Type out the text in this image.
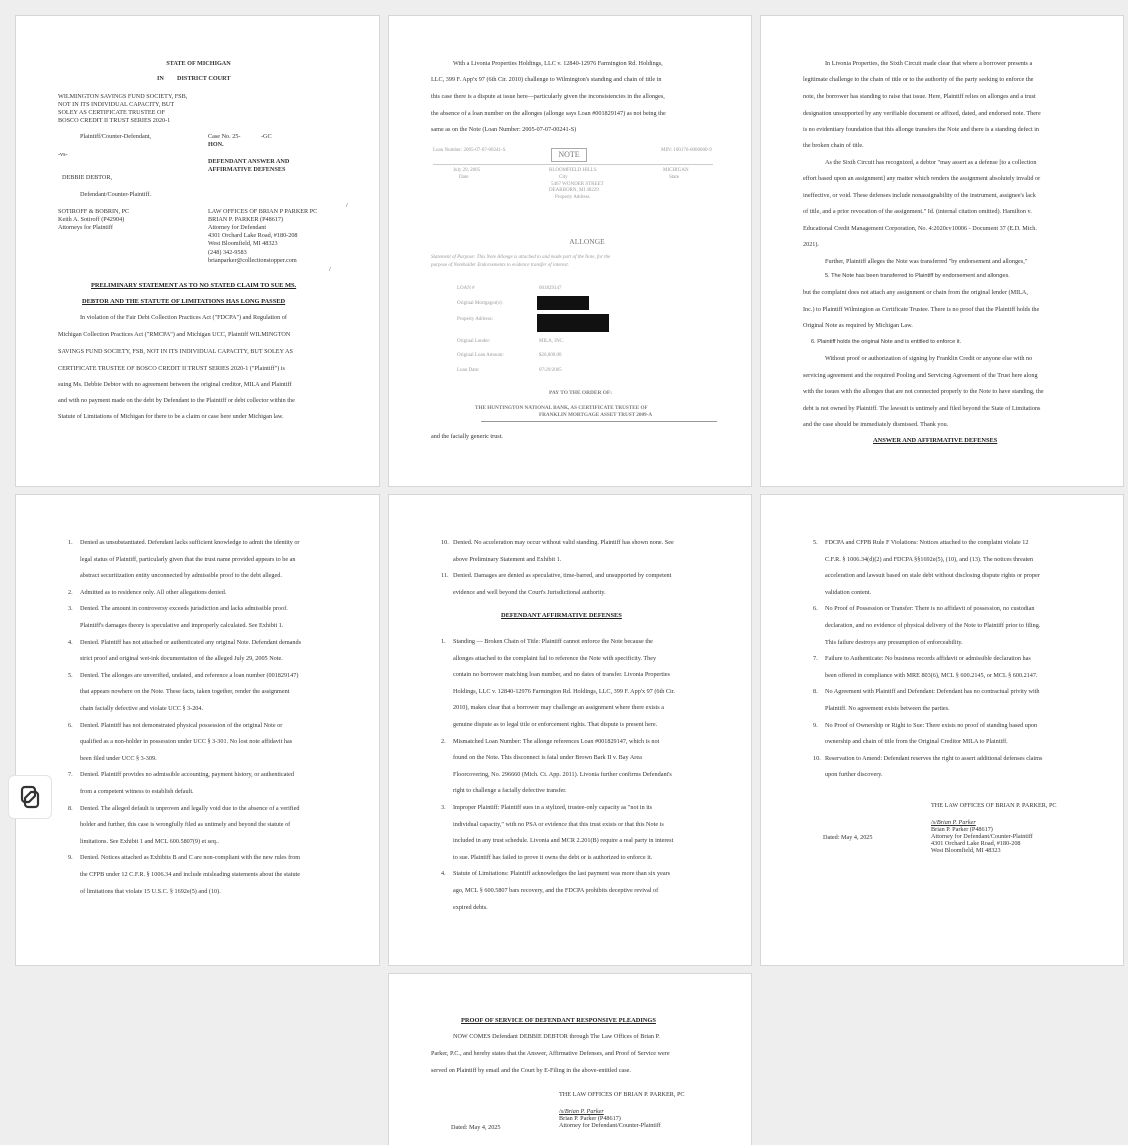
STATE OF MICHIGAN
IN DISTRICT COURT
WILMINGTON SAVINGS FUND SOCIETY, FSB,
NOT IN ITS INDIVIDUAL CAPACITY, BUT
SOLEY AS CERTIFICATE TRUSTEE OF
BOSCO CREDIT II TRUST SERIES 2020-1
Plaintiff/Counter-Defendant,	Case No. 25-	-GC
HON.
-vs-
DEFENDANT ANSWER AND
AFFIRMATIVE DEFENSES
DEBBIE DEBTOR,
Defendant/Counter-Plaintiff.
SOTIROFF & BOBRIN, PC
Keith A. Sotiroff (P42904)
Attorneys for Plaintiff
LAW OFFICES OF BRIAN P PARKER PC
BRIAN P. PARKER (P48617)
Attorney for Defendant
4301 Orchard Lake Road, #180-208
West Bloomfield, MI 48323
(248) 342-9583
brianparker@collectionstopper.com
/
/
PRELIMINARY STATEMENT AS TO NO STATED CLAIM TO SUE MS.
DEBTOR AND THE STATUTE OF LIMITATIONS HAS LONG PASSED
In violation of the Fair Debt Collection Practices Act ("FDCPA") and Regulation of
Michigan Collection Practices Act ("RMCPA") and Michigan UCC, Plaintiff WILMINGTON
SAVINGS FUND SOCIETY, FSB, NOT IN ITS INDIVIDUAL CAPACITY, BUT SOLEY AS
CERTIFICATE TRUSTEE OF BOSCO CREDIT II TRUST SERIES 2020-1 ("Plaintiff") is
suing Ms. Debbie Debtor with no agreement between the original creditor, MILA and Plaintiff
and with no payment made on the debt by Defendant to the Plaintiff or debt collector within the
Statute of Limitations of Michigan for there to be a claim or case here under Michigan law.
With a Livonia Properties Holdings, LLC v. 12840-12976 Farmington Rd. Holdings,
LLC, 399 F. App'x 97 (6th Cir. 2010) challenge to Wilmington's standing and chain of title in
this case there is a dispute at issue here—particularly given the inconsistencies in the allonges,
the absence of a loan number on the allonges (allonge says Loan #001829147) as not being the
same as on the Note (Loan Number: 2005-07-07-00241-S)
Loan Number: 2005-07-07-00241-S	NOTE	MIN: 100176-0000000-9
July 29, 2005	BLOOMFIELD HILLS	MICHIGAN
Date	City	State
5467 WONDER STREET
DEARBORN, MI 48229
Property Address
ALLONGE
Statement of Purpose: This Note Allonge is attached to and made part of the Note, for the
purpose of Noteholder Endorsements to evidence transfer of interest.
LOAN #	001829147
Original Mortgagor(s):
Property Address:
Original Lender:	MILA, INC.
Original Loan Amount:	$26,000.00
Loan Date:	07/29/2005
PAY TO THE ORDER OF:
THE HUNTINGTON NATIONAL BANK, AS CERTIFICATE TRUSTEE OF
FRANKLIN MORTGAGE ASSET TRUST 2009-A
and the facially generic trust.
In Livonia Properties, the Sixth Circuit made clear that where a borrower presents a
legitimate challenge to the chain of title or to the authority of the party seeking to enforce the
note, the borrower has standing to raise that issue. Here, Plaintiff relies on allonges and a trust
designation unsupported by any verifiable document or affixed, dated, and endorsed note. There
is no evidentiary foundation that this allonge transfers the Note and there is a standing defect in
the broken chain of title.
As the Sixth Circuit has recognized, a debtor "may assert as a defense [to a collection
effort based upon an assignment] any matter which renders the assignment absolutely invalid or
ineffective, or void. These defenses include nonassignability of the instrument, assignee's lack
of title, and a prior revocation of the assignment." Id. (internal citation omitted). Hamilton v.
Educational Credit Management Corporation, No. 4:2020cv10006 - Document 37 (E.D. Mich.
2021).
Further, Plaintiff alleges the Note was transferred "by endorsement and allonges,"
5. The Note has been transferred to Plaintiff by endorsement and allonges.
but the complaint does not attach any assignment or chain from the original lender (MILA,
Inc.) to Plaintiff Wilmington as Certificate Trustee. There is no proof that the Plaintiff holds the
Original Note as required by Michigan Law.
6. Plaintiff holds the original Note and is entitled to enforce it.
Without proof or authorization of signing by Franklin Credit or anyone else with no
servicing agreement and the required Pooling and Servicing Agreement of the Trust here along
with the issues with the allonges that are not connected properly to the Note to have standing, the
debt is not owned by Plaintiff. The lawsuit is untimely and filed beyond the State of Limitations
and the case should be immediately dismissed. Thank you.
ANSWER AND AFFIRMATIVE DEFENSES
1. Denied as unsubstantiated. Defendant lacks sufficient knowledge to admit the identity or
legal status of Plaintiff, particularly given that the trust name provided appears to be an
abstract securitization entity unconnected by admissible proof to the debt alleged.
2. Admitted as to residence only. All other allegations denied.
3. Denied. The amount in controversy exceeds jurisdiction and lacks admissible proof.
Plaintiff's damages theory is speculative and improperly calculated. See Exhibit 1.
4. Denied. Plaintiff has not attached or authenticated any original Note. Defendant demands
strict proof and original wet-ink documentation of the alleged July 29, 2005 Note.
5. Denied. The allonges are unverified, undated, and reference a loan number (001829147)
that appears nowhere on the Note. These facts, taken together, render the assignment
chain facially defective and violate UCC § 3-204.
6. Denied. Plaintiff has not demonstrated physical possession of the original Note or
qualified as a non-holder in possession under UCC § 3-301. No lost note affidavit has
been filed under UCC § 3-309.
7. Denied. Plaintiff provides no admissible accounting, payment history, or authenticated
from a competent witness to establish default.
8. Denied. The alleged default is unproven and legally void due to the absence of a verified
holder and further, this case is wrongfully filed as untimely and beyond the statute of
limitations. See Exhibit 1 and MCL 600.5807(9) et seq..
9. Denied. Notices attached as Exhibits B and C are non-compliant with the new rules from
the CFPB under 12 C.F.R. § 1006.34 and include misleading statements about the statute
of limitations that violate 15 U.S.C. § 1692e(5) and (10).
10. Denied. No acceleration may occur without valid standing. Plaintiff has shown none. See
above Preliminary Statement and Exhibit 1.
11. Denied. Damages are denied as speculative, time-barred, and unsupported by competent
evidence and well beyond the Court's Jurisdictional authority.
DEFENDANT AFFIRMATIVE DEFENSES
1. Standing — Broken Chain of Title: Plaintiff cannot enforce the Note because the
allonges attached to the complaint fail to reference the Note with specificity. They
contain no borrower matching loan number, and no dates of transfer. Livonia Properties
Holdings, LLC v. 12840-12976 Farmington Rd. Holdings, LLC, 399 F. App'x 97 (6th Cir.
2010), makes clear that a borrower may challenge an assignment where there exists a
genuine dispute as to legal title or enforcement rights. That dispute is present here.
2. Mismatched Loan Number: The allonge references Loan #001829147, which is not
found on the Note. This disconnect is fatal under Brown Bark II v. Bay Area
Floorcovering, No. 296660 (Mich. Ct. App. 2011). Livonia further confirms Defendant's
right to challenge a facially defective transfer.
3. Improper Plaintiff: Plaintiff sues in a stylized, trustee-only capacity as "not in its
individual capacity," with no PSA or evidence that this trust exists or that this Note is
included in any trust schedule. Livonia and MCR 2.201(B) require a real party in interest
to sue. Plaintiff has failed to prove it owns the debt or is authorized to enforce it.
4. Statute of Limitations: Plaintiff acknowledges the last payment was more than six years
ago, MCL § 600.5807 bars recovery, and the FDCPA prohibits deceptive revival of
expired debts.
5. FDCPA and CFPB Rule F Violations: Notices attached to the complaint violate 12
C.F.R. § 1006.34(d)(2) and FDCPA §§1692e(5), (10), and (13). The notices threaten
acceleration and lawsuit based on stale debt without disclosing dispute rights or proper
validation content.
6. No Proof of Possession or Transfer: There is no affidavit of possession, no custodian
declaration, and no evidence of physical delivery of the Note to Plaintiff prior to filing.
This failure destroys any presumption of enforceability.
7. Failure to Authenticate: No business records affidavit or admissible declaration has
been offered in compliance with MRE 803(6), MCL § 600.2145, or MCL § 600.2147.
8. No Agreement with Plaintiff and Defendant: Defendant has no contractual privity with
Plaintiff. No agreement exists between the parties.
9. No Proof of Ownership or Right to Sue: There exists no proof of standing based upon
ownership and chain of title from the Original Creditor MILA to Plaintiff.
10. Reservation to Amend: Defendant reserves the right to assert additional defenses claims
upon further discovery.
THE LAW OFFICES OF BRIAN P. PARKER, PC
/s/Brian P. Parker
Brian P. Parker (P48617)
Attorney for Defendant/Counter-Plaintiff
4301 Orchard Lake Road, #180-208
West Bloomfield, MI 48323
Dated: May 4, 2025
PROOF OF SERVICE OF DEFENDANT RESPONSIVE PLEADINGS
NOW COMES Defendant DEBBIE DEBTOR through The Law Offices of Brian P.
Parker, P.C., and hereby states that the Answer, Affirmative Defenses, and Proof of Service were
served on Plaintiff by email and the Court by E-Filing in the above-entitled case.
THE LAW OFFICES OF BRIAN P. PARKER, PC
/s/Brian P. Parker
Brian P. Parker (P48617)
Attorney for Defendant/Counter-Plaintiff
Dated: May 4, 2025
